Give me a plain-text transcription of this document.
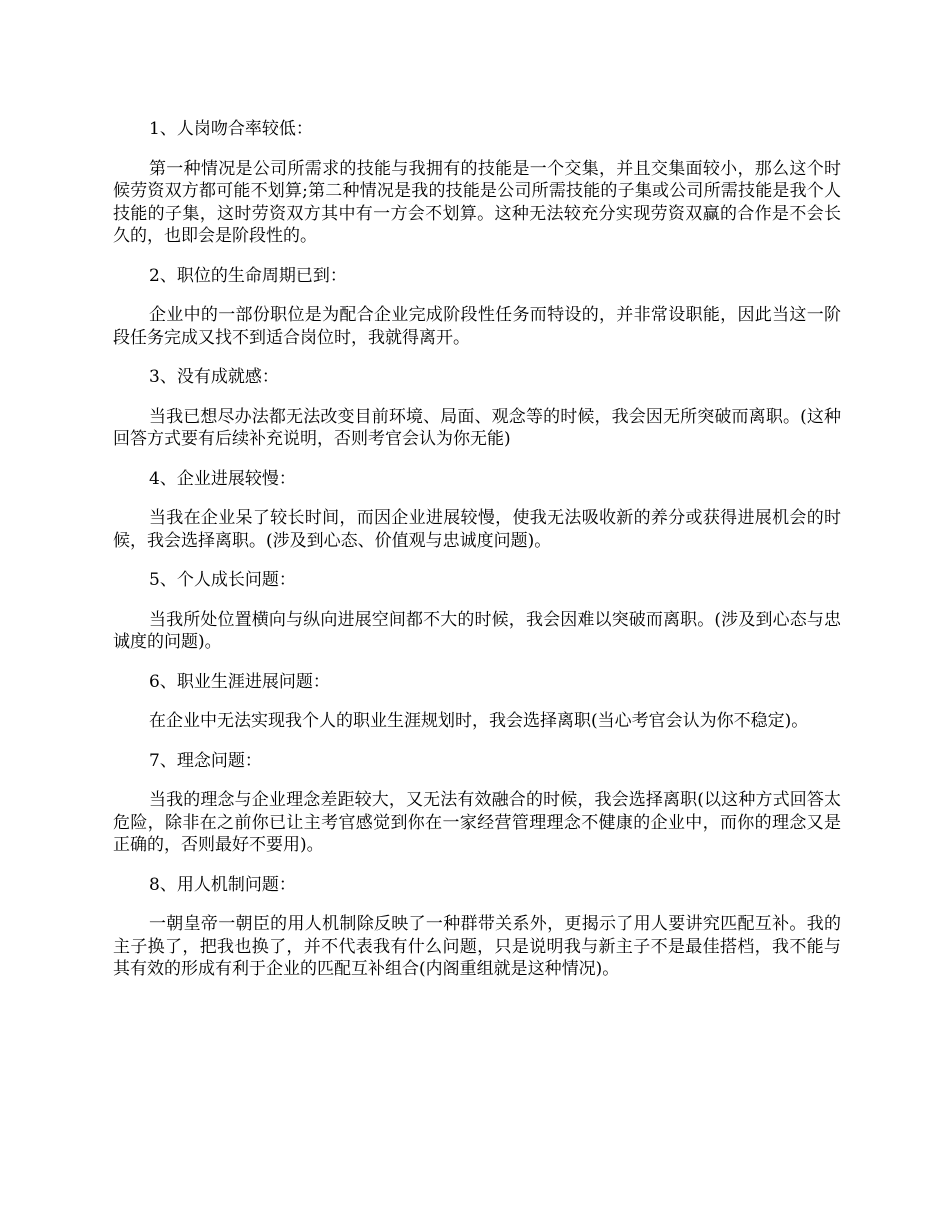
1、人岗吻合率较低：

第一种情况是公司所需求的技能与我拥有的技能是一个交集，并且交集面较小，那么这个时候劳资双方都可能不划算;第二种情况是我的技能是公司所需技能的子集或公司所需技能是我个人技能的子集，这时劳资双方其中有一方会不划算。这种无法较充分实现劳资双赢的合作是不会长久的，也即会是阶段性的。

2、职位的生命周期已到：

企业中的一部份职位是为配合企业完成阶段性任务而特设的，并非常设职能，因此当这一阶段任务完成又找不到适合岗位时，我就得离开。

3、没有成就感：

当我已想尽办法都无法改变目前环境、局面、观念等的时候，我会因无所突破而离职。(这种回答方式要有后续补充说明，否则考官会认为你无能)

4、企业进展较慢：

当我在企业呆了较长时间，而因企业进展较慢，使我无法吸收新的养分或获得进展机会的时候，我会选择离职。(涉及到心态、价值观与忠诚度问题)。

5、个人成长问题：

当我所处位置横向与纵向进展空间都不大的时候，我会因难以突破而离职。(涉及到心态与忠诚度的问题)。

6、职业生涯进展问题：

在企业中无法实现我个人的职业生涯规划时，我会选择离职(当心考官会认为你不稳定)。

7、理念问题：

当我的理念与企业理念差距较大，又无法有效融合的时候，我会选择离职(以这种方式回答太危险，除非在之前你已让主考官感觉到你在一家经营管理理念不健康的企业中，而你的理念又是正确的，否则最好不要用)。

8、用人机制问题：

一朝皇帝一朝臣的用人机制除反映了一种群带关系外，更揭示了用人要讲究匹配互补。我的主子换了，把我也换了，并不代表我有什么问题，只是说明我与新主子不是最佳搭档，我不能与其有效的形成有利于企业的匹配互补组合(内阁重组就是这种情况)。
